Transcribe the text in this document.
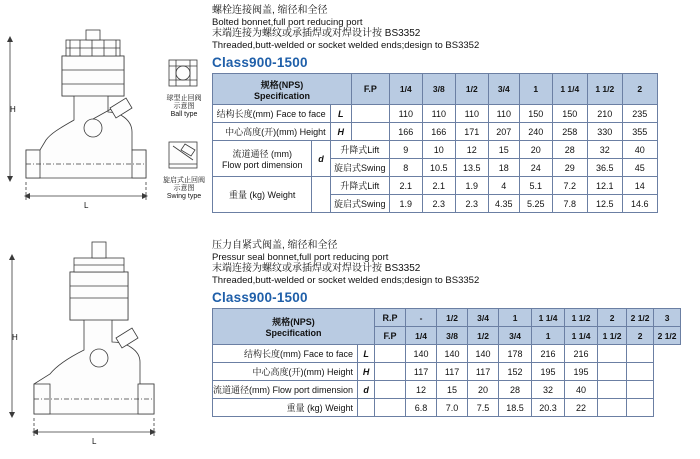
H
L
球型止回阀
示意图
Ball type
旋启式止回阀
示意图
Swing type
螺栓连接阀盖, 缩径和全径
Bolted bonnet,full port reducing port
末端连接为螺纹或承插焊或对焊设计按 BS3352
Threaded,butt-welded or socket welded ends;design to BS3352
Class900-1500
规格(NPS)
Specification			F.P	1/4	3/8	1/2	3/4	1	1 1/4	1 1/2	2
结构长度(mm) Face to face		L		110	110	110	110	150	150	210	235
中心高度(开)(mm) Height		H		166	166	171	207	240	258	330	355

流道通径 (mm)
Flow port dimension	d	升降式Lift		9	10	12	15	20	28	32	40
		旋启式Swing		8	10.5	13.5	18	24	29	36.5	45
重量 (kg) Weight		升降式Lift		2.1	2.1	1.9	4	5.1	7.2	12.1	14
		旋启式Swing		1.9	2.3	2.3	4.35	5.25	7.8	12.5	14.6
H
L
压力自紧式阀盖, 缩径和全径
Pressur seal bonnet,full port reducing port
末端连接为螺纹或承插焊或对焊设计按 BS3352
Threaded,butt-welded or socket welded ends;design to BS3352
Class900-1500
规格(NPS)
Specification		R.P	-	1/2	3/4	1	1 1/4	1 1/2	2	2 1/2	3
		F.P	1/4	3/8	1/2	3/4	1	1 1/4	1 1/2	2	2 1/2
结构长度(mm) Face to face	L		140	140	140	178	216	216			
中心高度(开)(mm) Height	H		117	117	117	152	195	195			
流道通径(mm) Flow port dimension	d		12	15	20	28	32	40			
重量 (kg) Weight			6.8	7.0	7.5	18.5	20.3	22			
